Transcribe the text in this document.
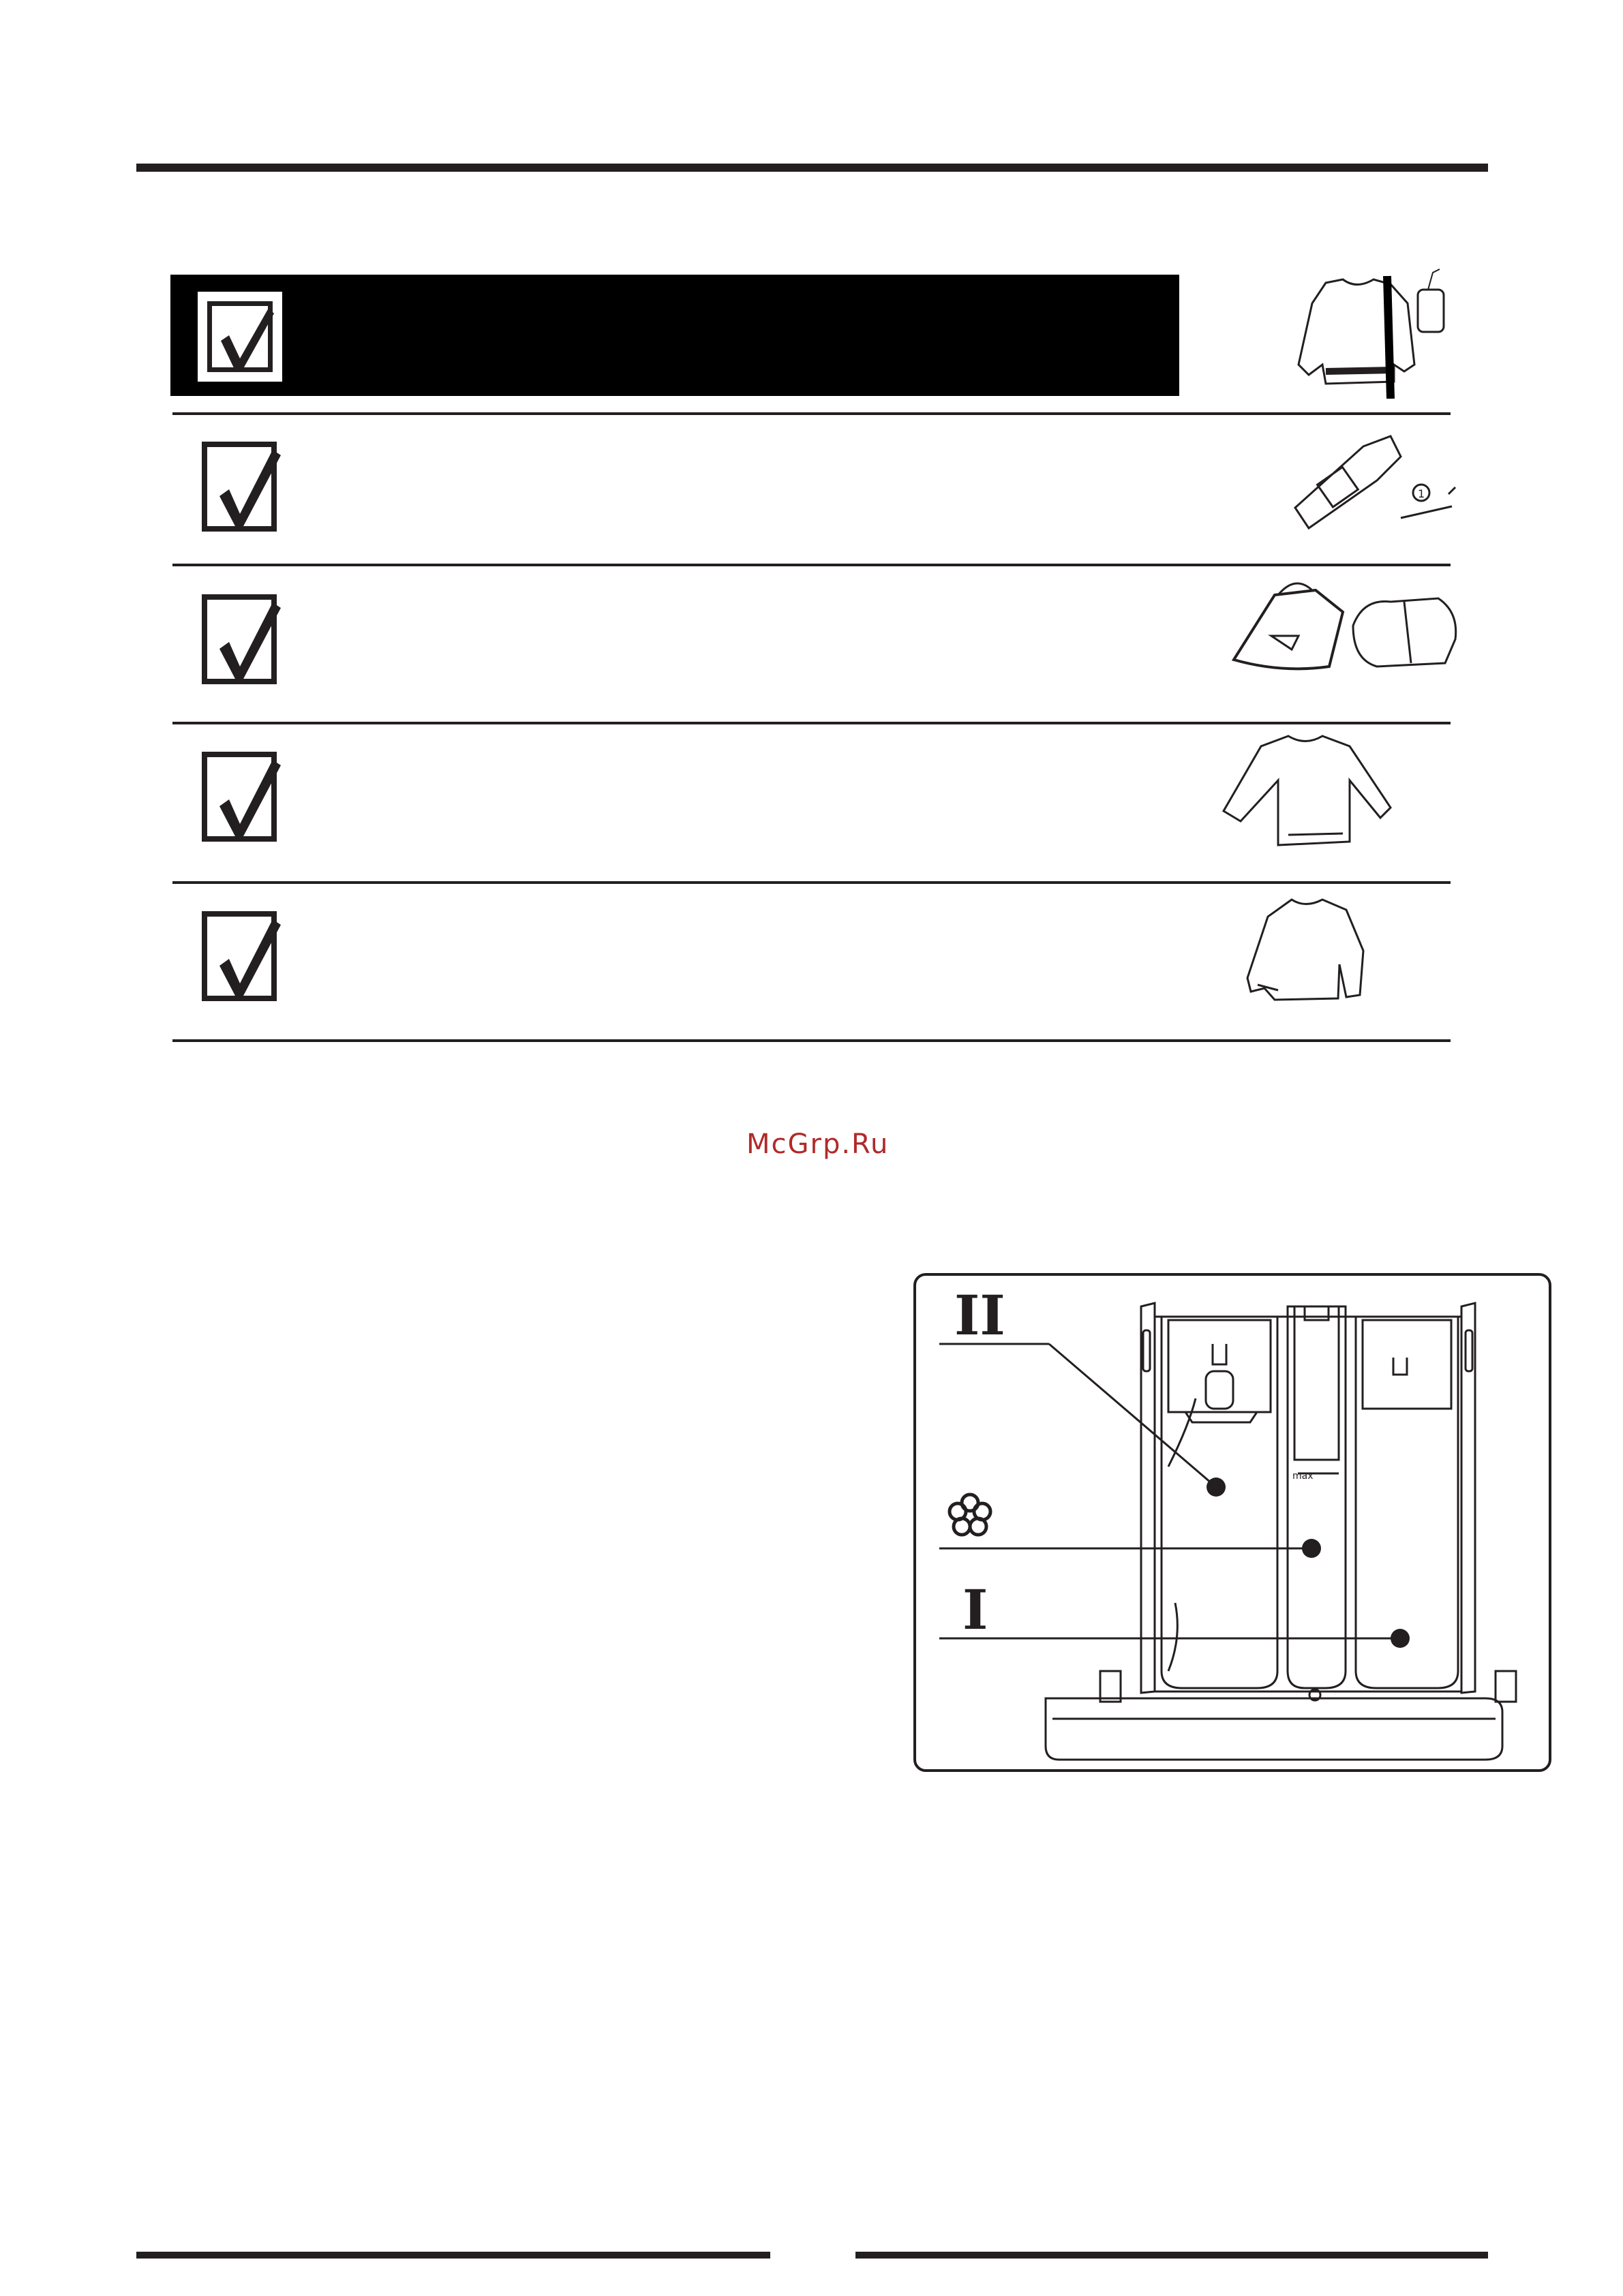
1
McGrp.Ru
II
I
max
